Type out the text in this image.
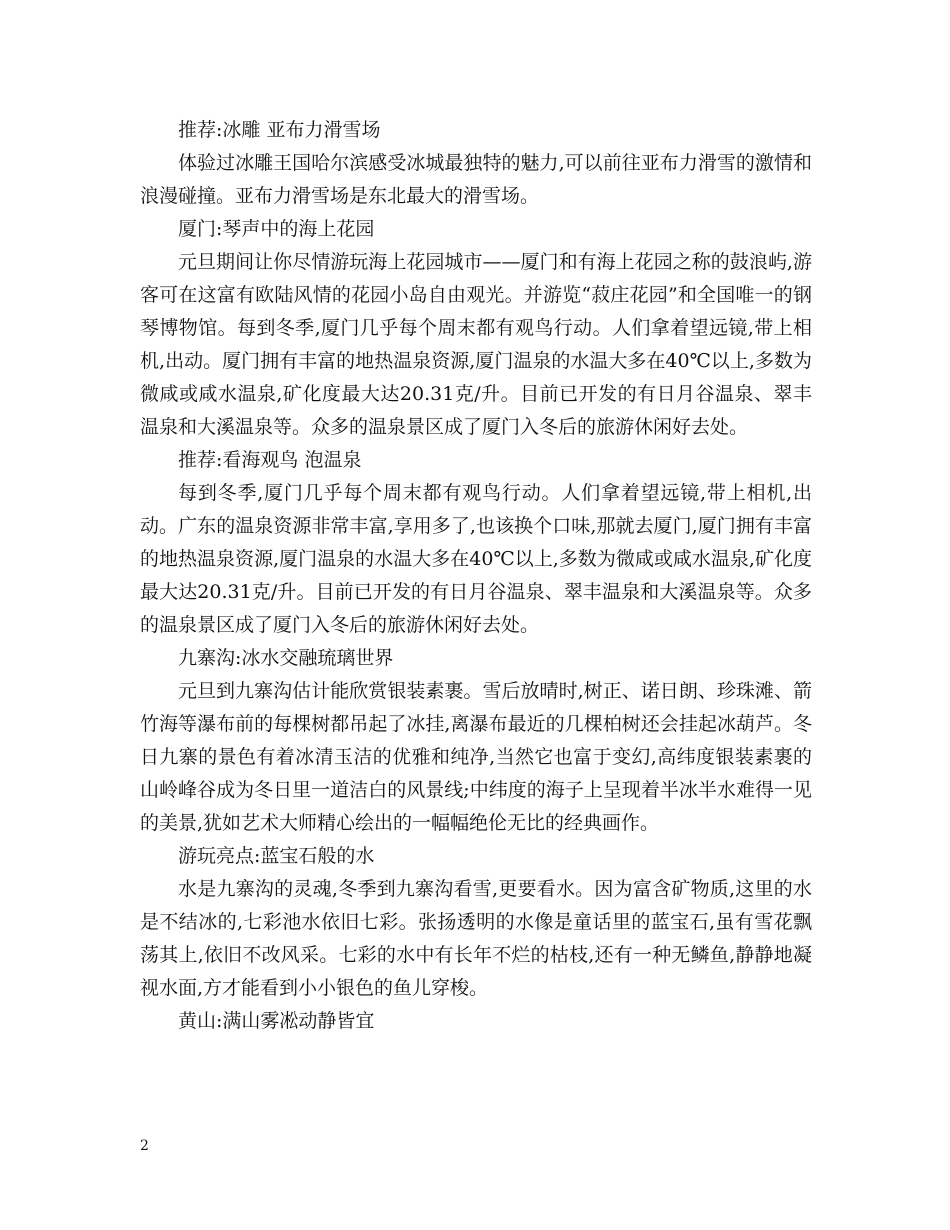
推荐:冰雕 亚布力滑雪场

体验过冰雕王国哈尔滨感受冰城最独特的魅力,可以前往亚布力滑雪的激情和浪漫碰撞。亚布力滑雪场是东北最大的滑雪场。

厦门:琴声中的海上花园

元旦期间让你尽情游玩海上花园城市——厦门和有海上花园之称的鼓浪屿,游客可在这富有欧陆风情的花园小岛自由观光。并游览“菽庄花园”和全国唯一的钢琴博物馆。每到冬季,厦门几乎每个周末都有观鸟行动。人们拿着望远镜,带上相机,出动。厦门拥有丰富的地热温泉资源,厦门温泉的水温大多在40℃以上,多数为微咸或咸水温泉,矿化度最大达20.31克/升。目前已开发的有日月谷温泉、翠丰温泉和大溪温泉等。众多的温泉景区成了厦门入冬后的旅游休闲好去处。

推荐:看海观鸟 泡温泉

每到冬季,厦门几乎每个周末都有观鸟行动。人们拿着望远镜,带上相机,出动。广东的温泉资源非常丰富,享用多了,也该换个口味,那就去厦门,厦门拥有丰富的地热温泉资源,厦门温泉的水温大多在40℃以上,多数为微咸或咸水温泉,矿化度最大达20.31克/升。目前已开发的有日月谷温泉、翠丰温泉和大溪温泉等。众多的温泉景区成了厦门入冬后的旅游休闲好去处。

九寨沟:冰水交融琉璃世界

元旦到九寨沟估计能欣赏银装素裹。雪后放晴时,树正、诺日朗、珍珠滩、箭竹海等瀑布前的每棵树都吊起了冰挂,离瀑布最近的几棵柏树还会挂起冰葫芦。冬日九寨的景色有着冰清玉洁的优雅和纯净,当然它也富于变幻,高纬度银装素裹的山岭峰谷成为冬日里一道洁白的风景线;中纬度的海子上呈现着半冰半水难得一见的美景,犹如艺术大师精心绘出的一幅幅绝伦无比的经典画作。

游玩亮点:蓝宝石般的水

水是九寨沟的灵魂,冬季到九寨沟看雪,更要看水。因为富含矿物质,这里的水是不结冰的,七彩池水依旧七彩。张扬透明的水像是童话里的蓝宝石,虽有雪花飘荡其上,依旧不改风采。七彩的水中有长年不烂的枯枝,还有一种无鳞鱼,静静地凝视水面,方才能看到小小银色的鱼儿穿梭。

黄山:满山雾凇动静皆宜

2
